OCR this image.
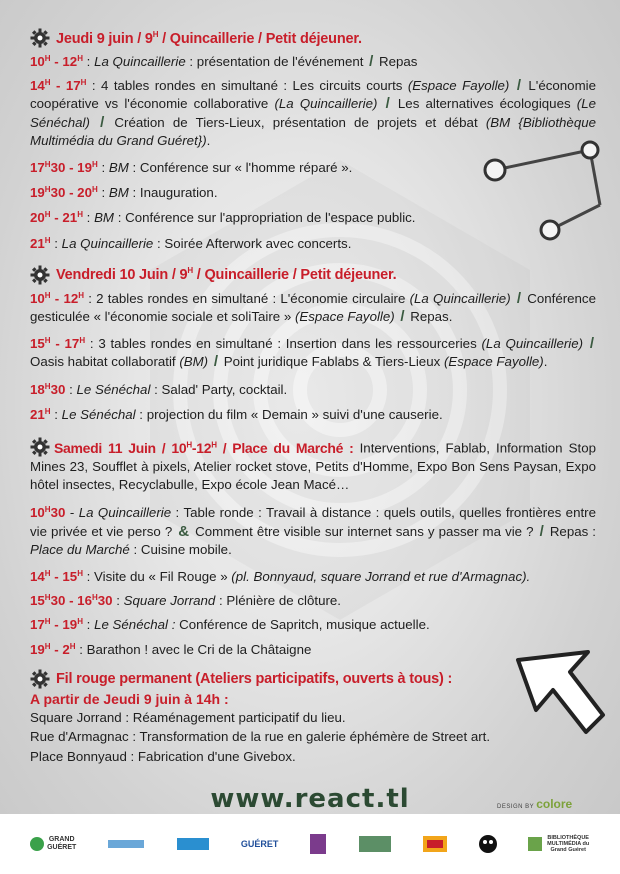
Jeudi 9 juin / $9^H$ / Quincaillerie / Petit déjeuner.
$10^H - 12^H$ : La Quincaillerie : présentation de l'événement / Repas
$14^H - 17^H$ : 4 tables rondes en simultané : Les circuits courts (Espace Fayolle) / L'économie coopérative vs l'économie collaborative (La Quincaillerie) / Les alternatives écologiques (Le Sénéchal) / Création de Tiers-Lieux, présentation de projets et débat (BM {Bibliothèque Multimédia du Grand Guéret}).
$17^H30 - 19^H$ : BM : Conférence sur « l'homme réparé ».
$19^H30 - 20^H$ : BM : Inauguration.
$20^H - 21^H$ : BM : Conférence sur l'appropriation de l'espace public.
$21^H$ : La Quincaillerie : Soirée Afterwork avec concerts.
Vendredi 10 Juin / $9^H$ / Quincaillerie / Petit déjeuner.
$10^H - 12^H$ : 2 tables rondes en simultané : L'économie circulaire (La Quincaillerie) / Conférence gesticulée « l'économie sociale et soliTaire » (Espace Fayolle) / Repas.
$15^H - 17^H$ : 3 tables rondes en simultané : Insertion dans les ressourceries (La Quincaillerie) / Oasis habitat collaboratif (BM) / Point juridique Fablabs & Tiers-Lieux (Espace Fayolle).
$18^H30$ : Le Sénéchal : Salad' Party, cocktail.
$21^H$ : Le Sénéchal : projection du film « Demain » suivi d'une causerie.
Samedi 11 Juin / $10^H-12^H$ / Place du Marché : Interventions, Fablab, Information Stop Mines 23, Soufflet à pixels, Atelier rocket stove, Petits d'Homme, Expo Bon Sens Paysan, Expo hôtel insectes, Recyclabulle, Expo école Jean Macé…
$10^H30$ - La Quincaillerie : Table ronde : Travail à distance : quels outils, quelles frontières entre vie privée et vie perso ? & Comment être visible sur internet sans y passer ma vie ? / Repas : Place du Marché : Cuisine mobile.
$14^H - 15^H$ : Visite du « Fil Rouge » (pl. Bonnyaud, square Jorrand et rue d'Armagnac).
$15^H30 - 16^H30$ : Square Jorrand : Plénière de clôture.
$17^H - 19^H$ : Le Sénéchal : Conférence de Sapritch, musique actuelle.
$19^H - 2^H$ : Barathon ! avec le Cri de la Châtaigne
Fil rouge permanent (Ateliers participatifs, ouverts à tous) :
A partir de Jeudi 9 juin à 14h :
Square Jorrand : Réaménagement participatif du lieu.
Rue d'Armagnac : Transformation de la rue en galerie éphémère de Street art.
Place Bonnyaud : Fabrication d'une Givebox.
www.react.tl	DESIGN BY colore
GRAND GUÉRET	GUÉRET
BIBLIOTHÈQUE MULTIMÉDIA du Grand Guéret
